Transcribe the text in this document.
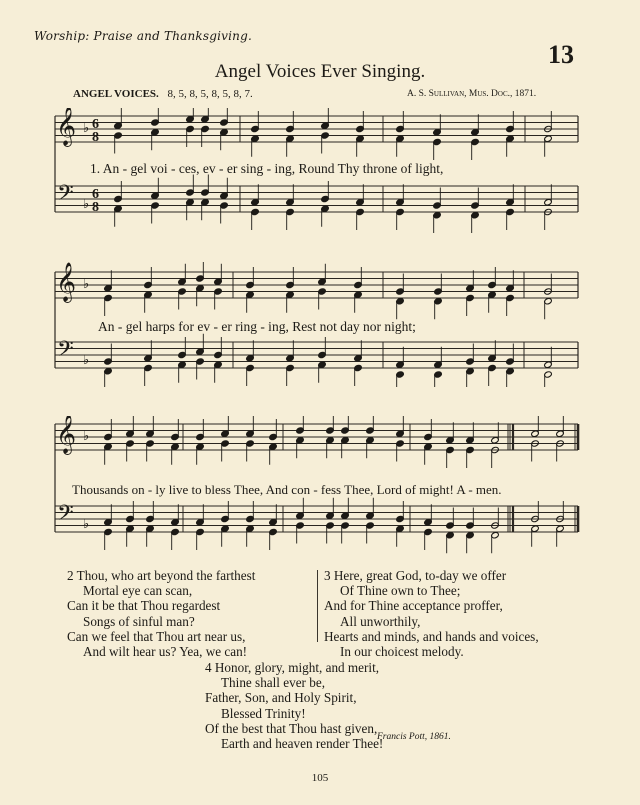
Worship: Praise and Thanksgiving.
13
Angel Voices Ever Singing.
ANGEL VOICES. 8, 5, 8, 5, 8, 5, 8, 7.	A. S. Sullivan, Mus. Doc., 1871.
𝄞
𝄢
♭
♭
6
8
6
8
1. An - gel voi - ces, ev - er sing - ing, Round Thy throne of light,
𝄞
𝄢
♭
♭
An - gel harps for ev - er ring - ing, Rest not day nor night;
𝄞
𝄢
♭
♭
Thousands on - ly live to bless Thee, And con - fess Thee, Lord of might! A - men.
2 Thou, who art beyond the farthest
Mortal eye can scan,
Can it be that Thou regardest
Songs of sinful man?
Can we feel that Thou art near us,
And wilt hear us? Yea, we can!
3 Here, great God, to-day we offer
Of Thine own to Thee;
And for Thine acceptance proffer,
All unworthily,
Hearts and minds, and hands and voices,
In our choicest melody.
4 Honor, glory, might, and merit,
Thine shall ever be,
Father, Son, and Holy Spirit,
Blessed Trinity!
Of the best that Thou hast given,
Earth and heaven render Thee!
Francis Pott, 1861.
105
